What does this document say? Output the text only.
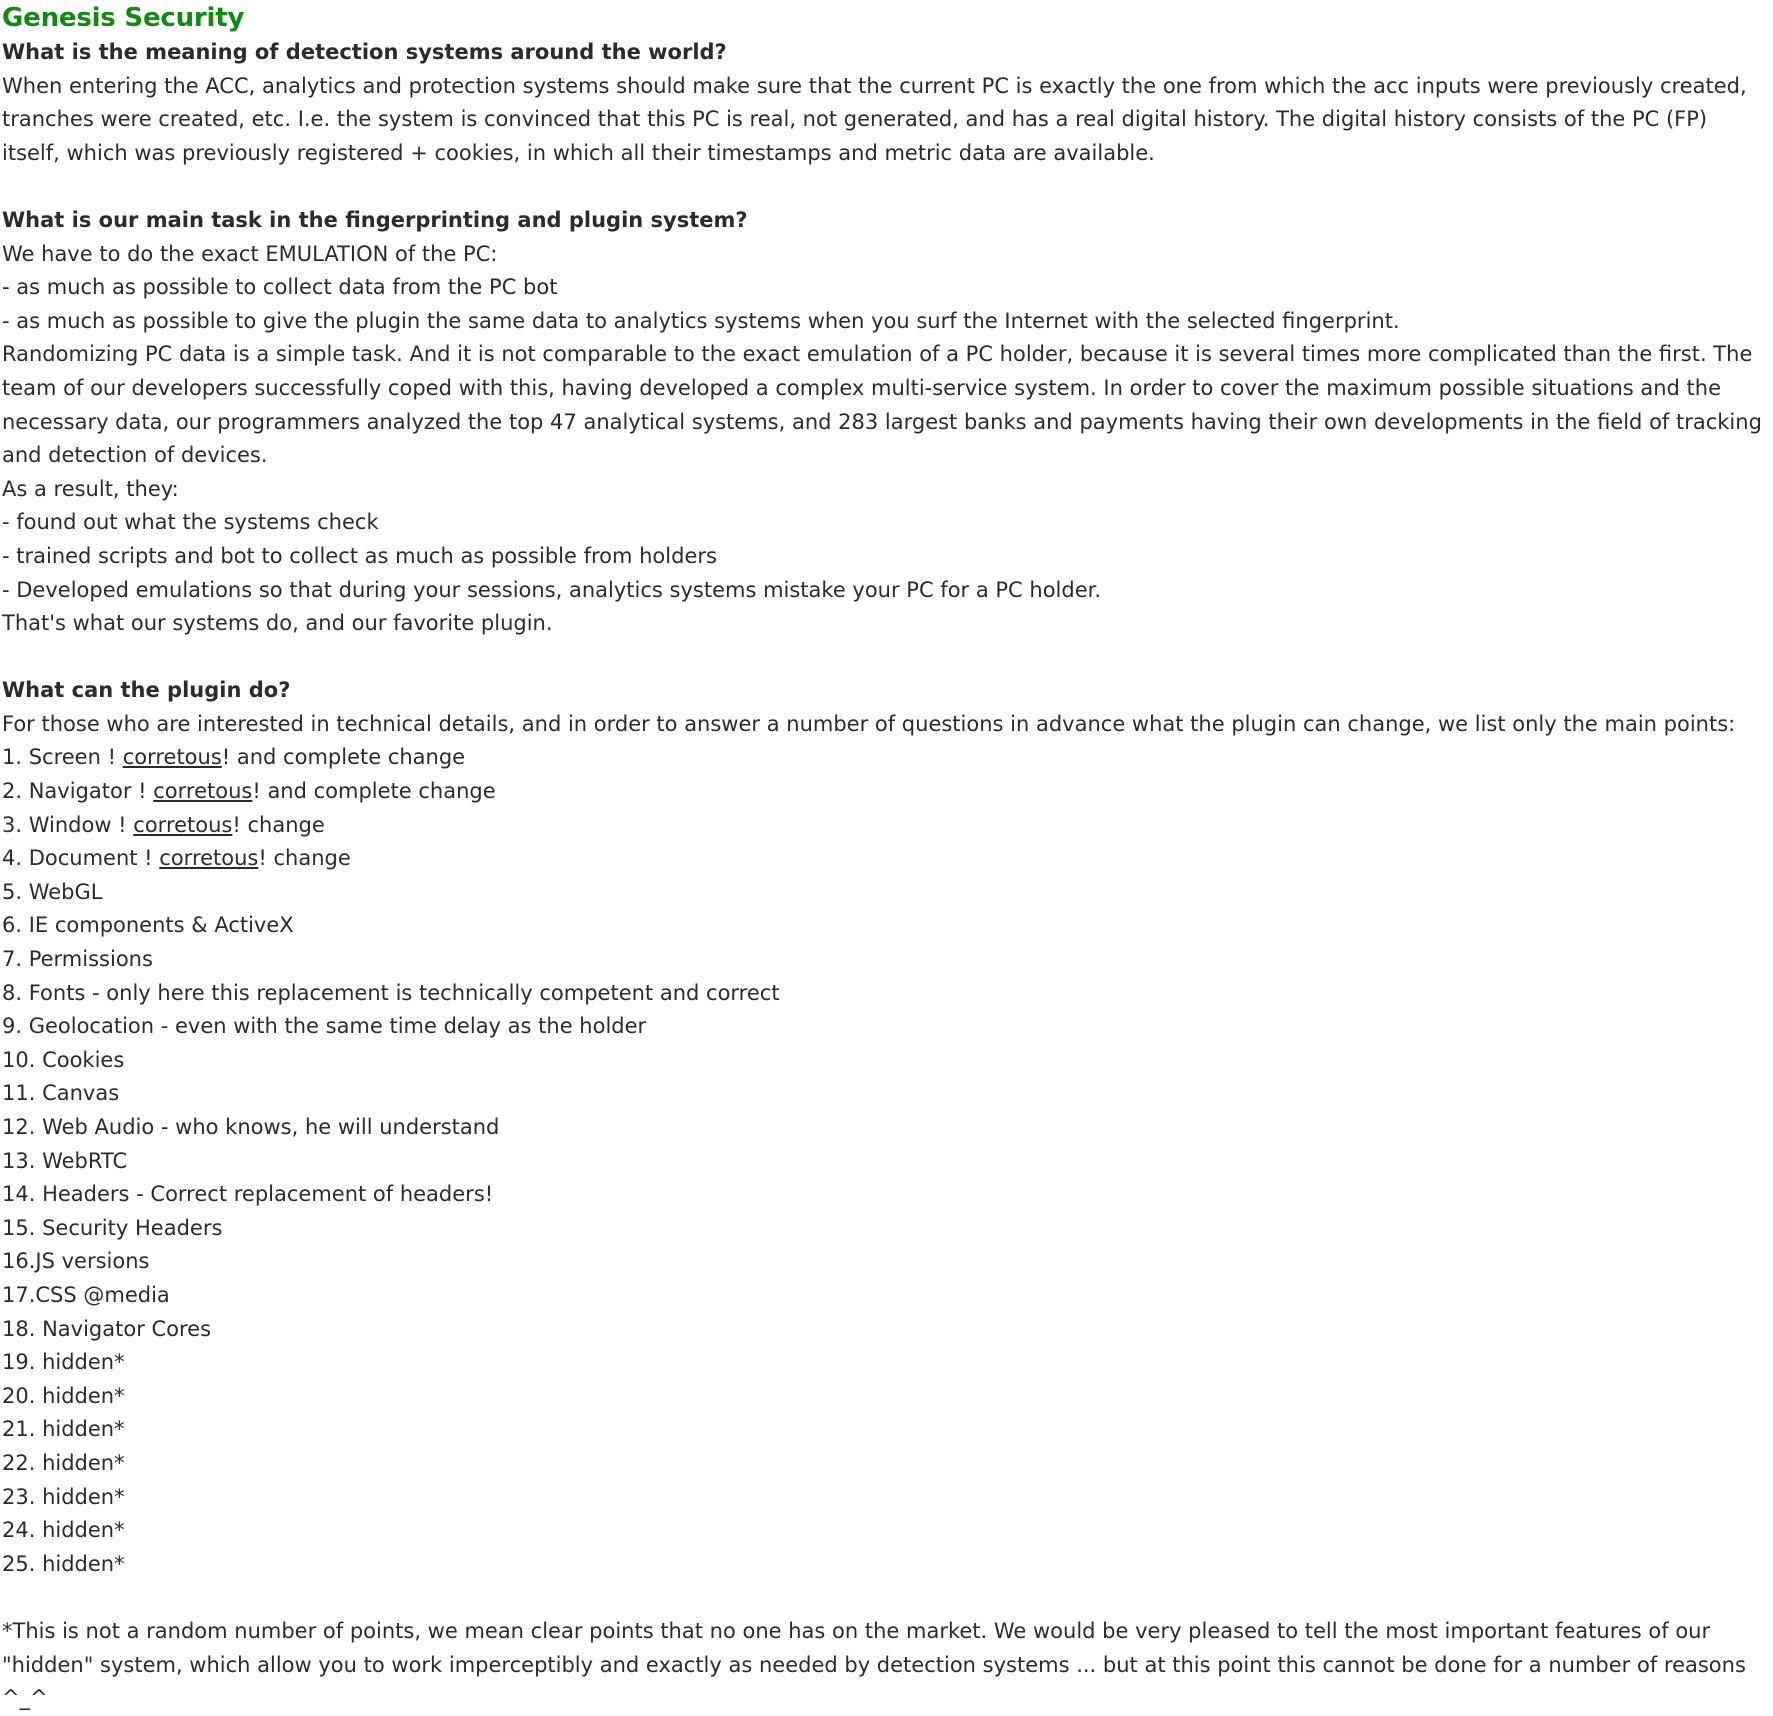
Genesis Security
What is the meaning of detection systems around the world?
When entering the ACC, analytics and protection systems should make sure that the current PC is exactly the one from which the acc inputs were previously created,
tranches were created, etc. I.e. the system is convinced that this PC is real, not generated, and has a real digital history. The digital history consists of the PC (FP)
itself, which was previously registered + cookies, in which all their timestamps and metric data are available.
What is our main task in the fingerprinting and plugin system?
We have to do the exact EMULATION of the PC:
- as much as possible to collect data from the PC bot
- as much as possible to give the plugin the same data to analytics systems when you surf the Internet with the selected fingerprint.
Randomizing PC data is a simple task. And it is not comparable to the exact emulation of a PC holder, because it is several times more complicated than the first. The
team of our developers successfully coped with this, having developed a complex multi-service system. In order to cover the maximum possible situations and the
necessary data, our programmers analyzed the top 47 analytical systems, and 283 largest banks and payments having their own developments in the field of tracking
and detection of devices.
As a result, they:
- found out what the systems check
- trained scripts and bot to collect as much as possible from holders
- Developed emulations so that during your sessions, analytics systems mistake your PC for a PC holder.
That's what our systems do, and our favorite plugin.
What can the plugin do?
For those who are interested in technical details, and in order to answer a number of questions in advance what the plugin can change, we list only the main points:
1. Screen ! corretous! and complete change
2. Navigator ! corretous! and complete change
3. Window ! corretous! change
4. Document ! corretous! change
5. WebGL
6. IE components & ActiveX
7. Permissions
8. Fonts - only here this replacement is technically competent and correct
9. Geolocation - even with the same time delay as the holder
10. Cookies
11. Canvas
12. Web Audio - who knows, he will understand
13. WebRTC
14. Headers - Correct replacement of headers!
15. Security Headers
16.JS versions
17.CSS @media
18. Navigator Cores
19. hidden*
20. hidden*
21. hidden*
22. hidden*
23. hidden*
24. hidden*
25. hidden*
*This is not a random number of points, we mean clear points that no one has on the market. We would be very pleased to tell the most important features of our
"hidden" system, which allow you to work imperceptibly and exactly as needed by detection systems ... but at this point this cannot be done for a number of reasons
^_^
